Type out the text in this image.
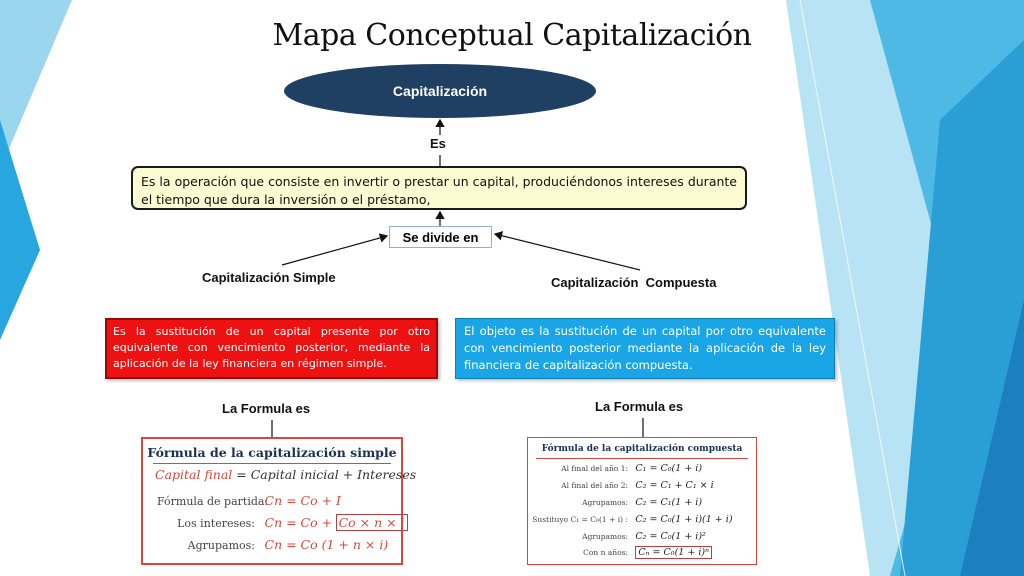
Mapa Conceptual Capitalización
Capitalización
Es
Es la operación que consiste en invertir o prestar un capital, produciéndonos intereses durante el tiempo que dura la inversión o el préstamo,
Se divide en
Capitalización Simple	Capitalización  Compuesta
Es la sustitución de un capital presente por otro equivalente con vencimiento posterior, mediante la aplicación de la ley financiera en régimen simple.
El objeto es la sustitución de un capital por otro equivalente con vencimiento posterior mediante la aplicación de la ley financiera de capitalización compuesta.
La Formula es	La Formula es
Fórmula de la capitalización simple
Capital final = Capital inicial + Intereses
Fórmula de partida: Cn = Co + I
Los intereses: Cn = Co + Co × n × i
Agrupamos: Cn = Co (1 + n × i)
Fórmula de la capitalización compuesta
Al final del año 1: C₁ = C₀(1 + i)
Al final del año 2: C₂ = C₁ + C₁ × i
Agrupamos: C₂ = C₁(1 + i)
Sustituyo C₁ = C₀(1 + i) : C₂ = C₀(1 + i)(1 + i)
Agrupamos: C₂ = C₀(1 + i)²
Con n años: Cₙ = C₀(1 + i)ⁿ
